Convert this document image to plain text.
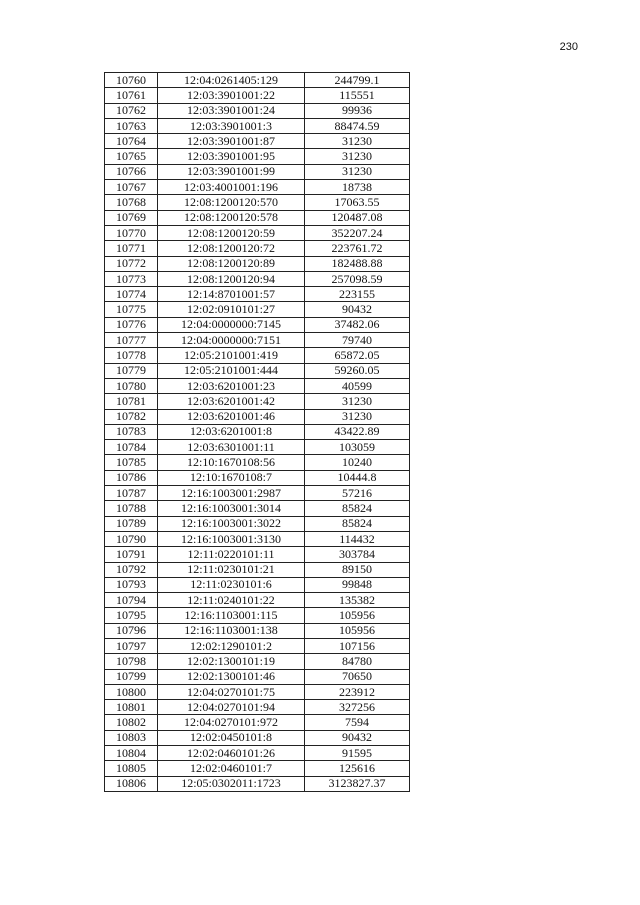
230
10760	12:04:0261405:129	244799.1
10761	12:03:3901001:22	115551
10762	12:03:3901001:24	99936
10763	12:03:3901001:3	88474.59
10764	12:03:3901001:87	31230
10765	12:03:3901001:95	31230
10766	12:03:3901001:99	31230
10767	12:03:4001001:196	18738
10768	12:08:1200120:570	17063.55
10769	12:08:1200120:578	120487.08
10770	12:08:1200120:59	352207.24
10771	12:08:1200120:72	223761.72
10772	12:08:1200120:89	182488.88
10773	12:08:1200120:94	257098.59
10774	12:14:8701001:57	223155
10775	12:02:0910101:27	90432
10776	12:04:0000000:7145	37482.06
10777	12:04:0000000:7151	79740
10778	12:05:2101001:419	65872.05
10779	12:05:2101001:444	59260.05
10780	12:03:6201001:23	40599
10781	12:03:6201001:42	31230
10782	12:03:6201001:46	31230
10783	12:03:6201001:8	43422.89
10784	12:03:6301001:11	103059
10785	12:10:1670108:56	10240
10786	12:10:1670108:7	10444.8
10787	12:16:1003001:2987	57216
10788	12:16:1003001:3014	85824
10789	12:16:1003001:3022	85824
10790	12:16:1003001:3130	114432
10791	12:11:0220101:11	303784
10792	12:11:0230101:21	89150
10793	12:11:0230101:6	99848
10794	12:11:0240101:22	135382
10795	12:16:1103001:115	105956
10796	12:16:1103001:138	105956
10797	12:02:1290101:2	107156
10798	12:02:1300101:19	84780
10799	12:02:1300101:46	70650
10800	12:04:0270101:75	223912
10801	12:04:0270101:94	327256
10802	12:04:0270101:972	7594
10803	12:02:0450101:8	90432
10804	12:02:0460101:26	91595
10805	12:02:0460101:7	125616
10806	12:05:0302011:1723	3123827.37
